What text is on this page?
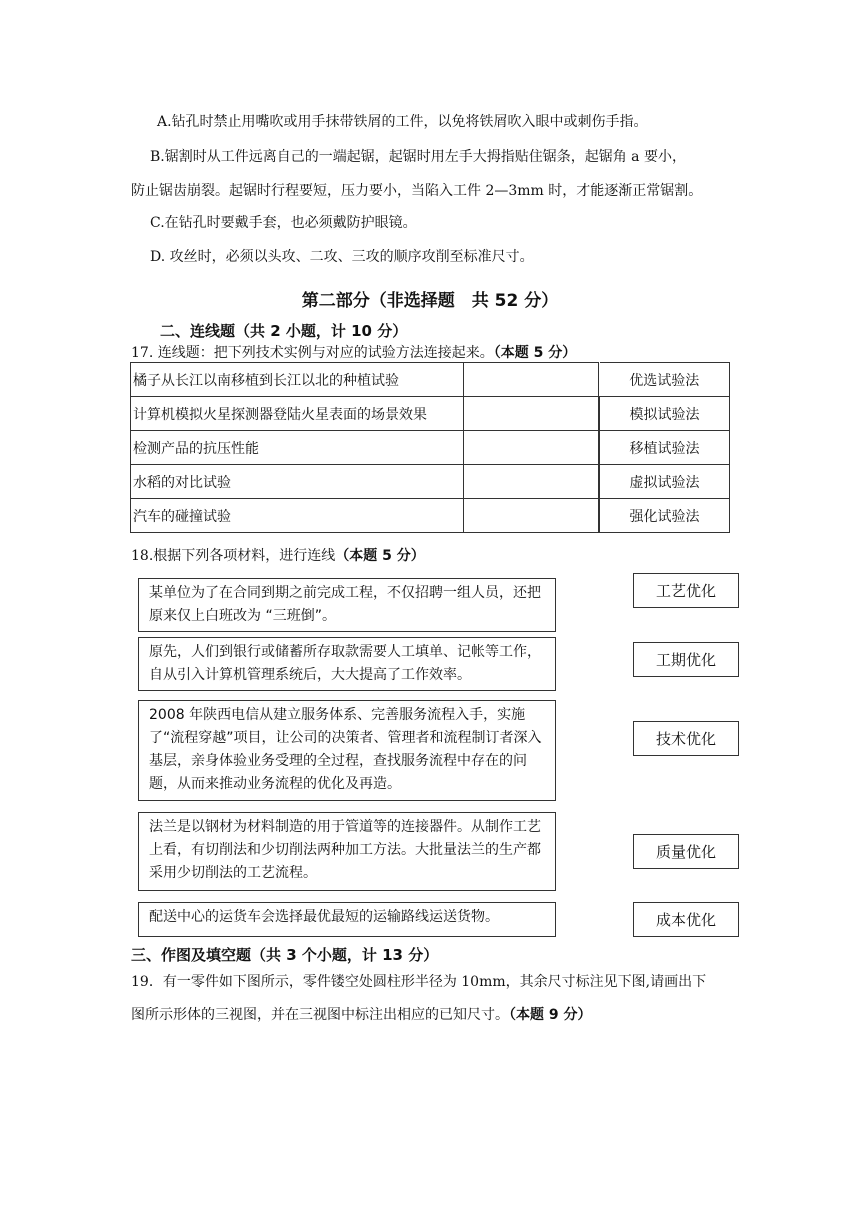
A.钻孔时禁止用嘴吹或用手抹带铁屑的工件，以免将铁屑吹入眼中或刺伤手指。
B.锯割时从工件远离自己的一端起锯，起锯时用左手大拇指贴住锯条，起锯角 a 要小，
防止锯齿崩裂。起锯时行程要短，压力要小，当陷入工件 2—3mm 时，才能逐渐正常锯割。
C.在钻孔时要戴手套，也必须戴防护眼镜。
D. 攻丝时，必须以头攻、二攻、三攻的顺序攻削至标准尺寸。
第二部分（非选择题　共 52 分）
二、连线题（共 2 小题，计 10 分）
17. 连线题：把下列技术实例与对应的试验方法连接起来。（本题 5 分）
橘子从长江以南移植到长江以北的种植试验			优选试验法
计算机模拟火星探测器登陆火星表面的场景效果			模拟试验法
检测产品的抗压性能			移植试验法
水稻的对比试验			虚拟试验法
汽车的碰撞试验			强化试验法
18.根据下列各项材料，进行连线（本题 5 分）
某单位为了在合同到期之前完成工程，不仅招聘一组人员，还把原来仅上白班改为 “三班倒”。
原先，人们到银行或储蓄所存取款需要人工填单、记帐等工作，自从引入计算机管理系统后，大大提高了工作效率。
2008 年陕西电信从建立服务体系、完善服务流程入手，实施了“流程穿越”项目，让公司的决策者、管理者和流程制订者深入基层，亲身体验业务受理的全过程，查找服务流程中存在的问题，从而来推动业务流程的优化及再造。
法兰是以钢材为材料制造的用于管道等的连接器件。从制作工艺上看，有切削法和少切削法两种加工方法。大批量法兰的生产都采用少切削法的工艺流程。
配送中心的运货车会选择最优最短的运输路线运送货物。
工艺优化
工期优化
技术优化
质量优化
成本优化
三、作图及填空题（共 3 个小题，计 13 分）
19．有一零件如下图所示，零件镂空处圆柱形半径为 10mm，其余尺寸标注见下图,请画出下
图所示形体的三视图，并在三视图中标注出相应的已知尺寸。（本题 9 分）
